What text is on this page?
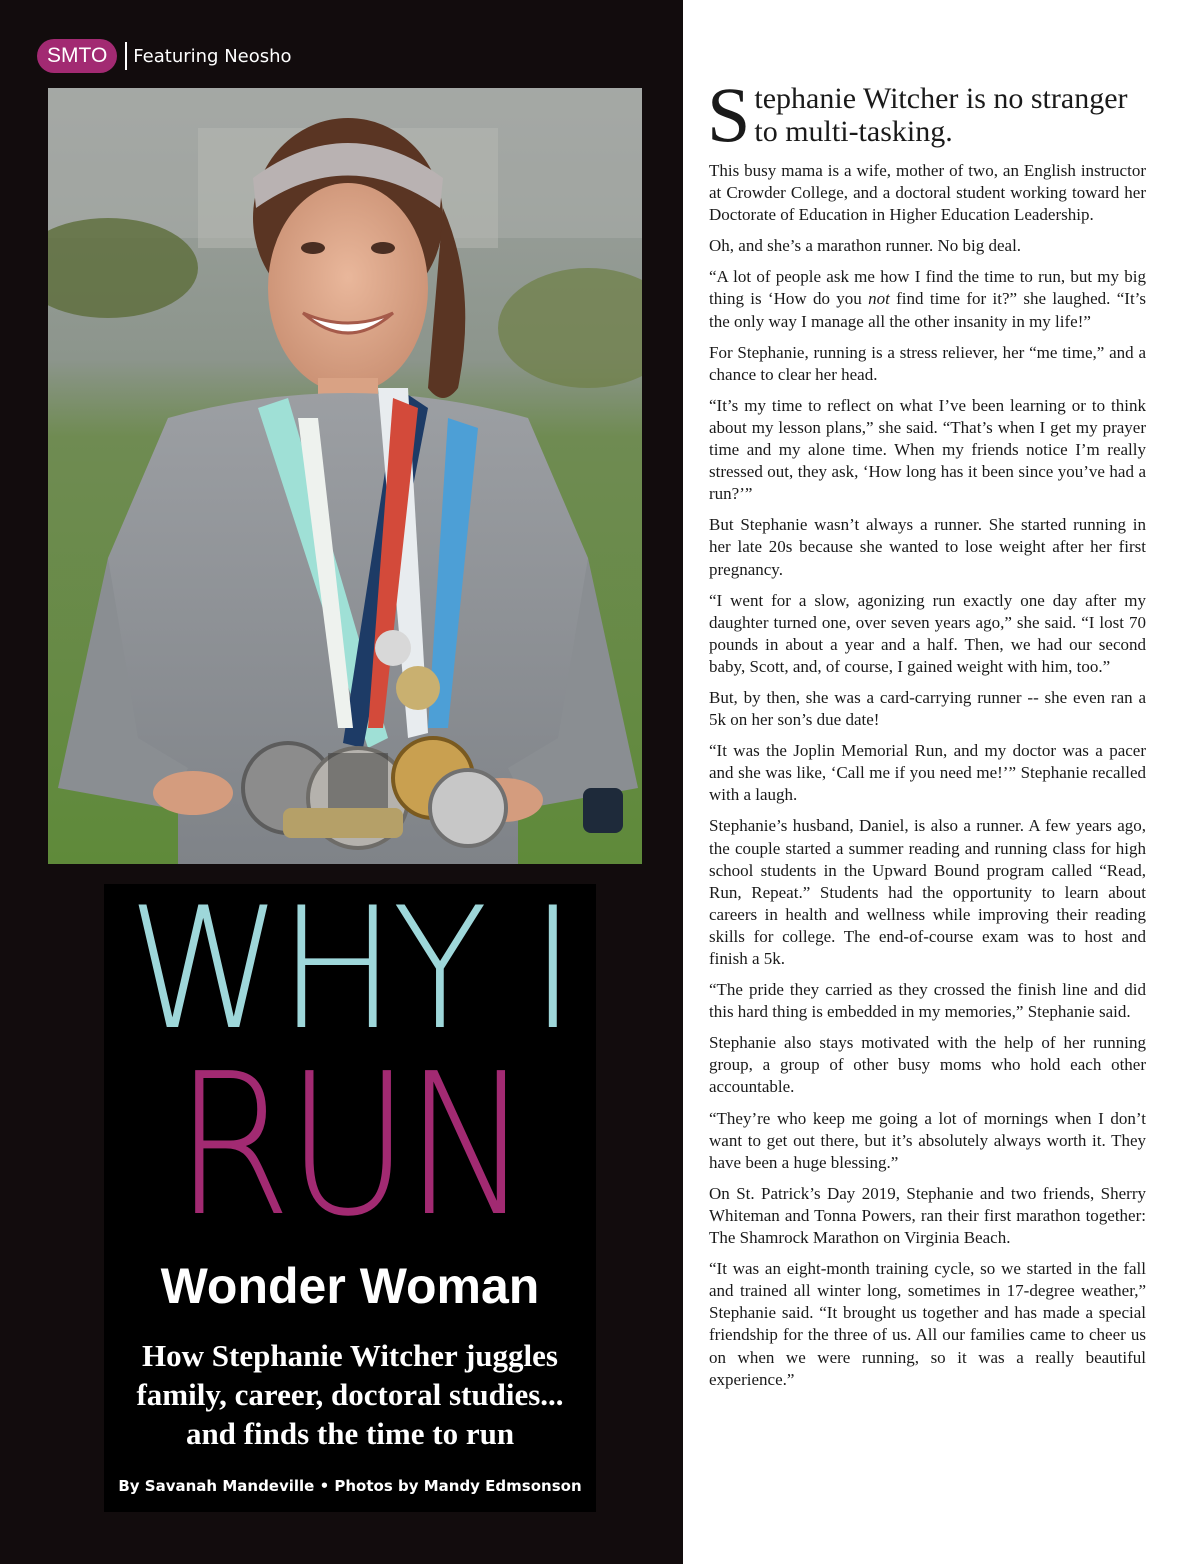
SMTO	Featuring Neosho
WHY I
RUN
Wonder Woman
How Stephanie Witcher juggles
family, career, doctoral studies...
and finds the time to run
By Savanah Mandeville • Photos by Mandy Edmsonson
Stephanie Witcher is no stranger to multi-tasking.

This busy mama is a wife, mother of two, an English instructor at Crowder College, and a doctoral student working toward her Doctorate of Education in Higher Education Leadership.

Oh, and she’s a marathon runner. No big deal.

“A lot of people ask me how I find the time to run, but my big thing is ‘How do you not find time for it?” she laughed. “It’s the only way I manage all the other insanity in my life!”

For Stephanie, running is a stress reliever, her “me time,” and a chance to clear her head.

“It’s my time to reflect on what I’ve been learning or to think about my lesson plans,” she said. “That’s when I get my prayer time and my alone time. When my friends notice I’m really stressed out, they ask, ‘How long has it been since you’ve had a run?’”

But Stephanie wasn’t always a runner. She started running in her late 20s because she wanted to lose weight after her first pregnancy.

“I went for a slow, agonizing run exactly one day after my daughter turned one, over seven years ago,” she said. “I lost 70 pounds in about a year and a half. Then, we had our second baby, Scott, and, of course, I gained weight with him, too.”

But, by then, she was a card-carrying runner -- she even ran a 5k on her son’s due date!

“It was the Joplin Memorial Run, and my doctor was a pacer and she was like, ‘Call me if you need me!’” Stephanie recalled with a laugh.

Stephanie’s husband, Daniel, is also a runner. A few years ago, the couple started a summer reading and running class for high school students in the Upward Bound program called “Read, Run, Repeat.” Students had the opportunity to learn about careers in health and wellness while improving their reading skills for college. The end-of-course exam was to host and finish a 5k.

“The pride they carried as they crossed the finish line and did this hard thing is embedded in my memories,” Stephanie said.

Stephanie also stays motivated with the help of her running group, a group of other busy moms who hold each other accountable.

“They’re who keep me going a lot of mornings when I don’t want to get out there, but it’s absolutely always worth it. They have been a huge blessing.”

On St. Patrick’s Day 2019, Stephanie and two friends, Sherry Whiteman and Tonna Powers, ran their first marathon together: The Shamrock Marathon on Virginia Beach.

“It was an eight-month training cycle, so we started in the fall and trained all winter long, sometimes in 17-degree weather,” Stephanie said. “It brought us together and has made a special friendship for the three of us. All our families came to cheer us on when we were running, so it was a really beautiful experience.”
